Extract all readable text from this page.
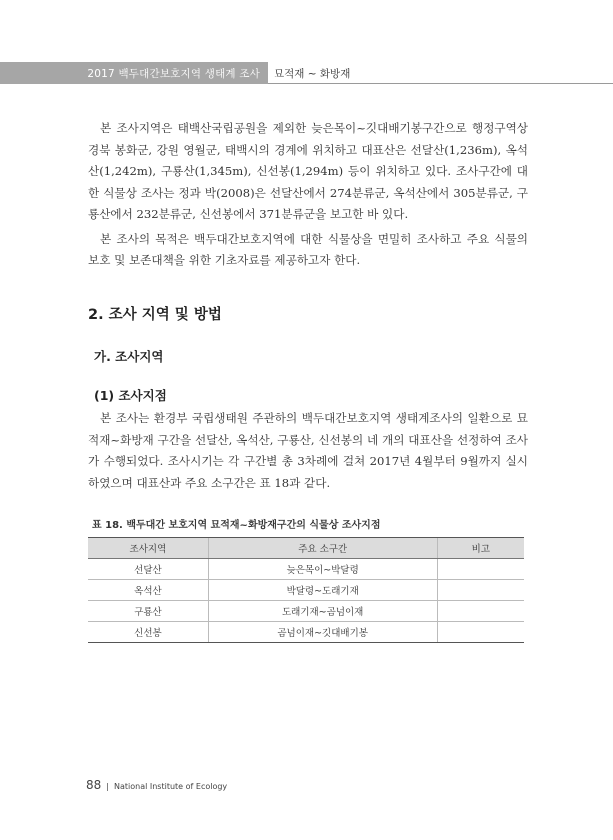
2017 백두대간보호지역 생태계 조사 묘적재 ~ 화방재

본 조사지역은 태백산국립공원을 제외한 늦은목이~깃대배기봉구간으로 행정구역상 경북 봉화군, 강원 영월군, 태백시의 경계에 위치하고 대표산은 선달산(1,236m), 옥석산(1,242m), 구룡산(1,345m), 신선봉(1,294m) 등이 위치하고 있다. 조사구간에 대한 식물상 조사는 정과 박(2008)은 선달산에서 274분류군, 옥석산에서 305분류군, 구룡산에서 232분류군, 신선봉에서 371분류군을 보고한 바 있다.

본 조사의 목적은 백두대간보호지역에 대한 식물상을 면밀히 조사하고 주요 식물의 보호 및 보존대책을 위한 기초자료를 제공하고자 한다.

2. 조사 지역 및 방법
가. 조사지역
(1) 조사지점

본 조사는 환경부 국립생태원 주관하의 백두대간보호지역 생태계조사의 일환으로 묘적재~화방재 구간을 선달산, 옥석산, 구룡산, 신선봉의 네 개의 대표산을 선정하여 조사가 수행되었다. 조사시기는 각 구간별 총 3차례에 걸쳐 2017년 4월부터 9월까지 실시하였으며 대표산과 주요 소구간은 표 18과 같다.

표 18. 백두대간 보호지역 묘적재~화방재구간의 식물상 조사지점
조사지역	주요 소구간	비고
선달산	늦은목이~박달령	
옥석산	박달령~도래기재	
구룡산	도래기재~곰넘이재	
신선봉	곰넘이재~깃대배기봉	
88 | National Institute of Ecology
